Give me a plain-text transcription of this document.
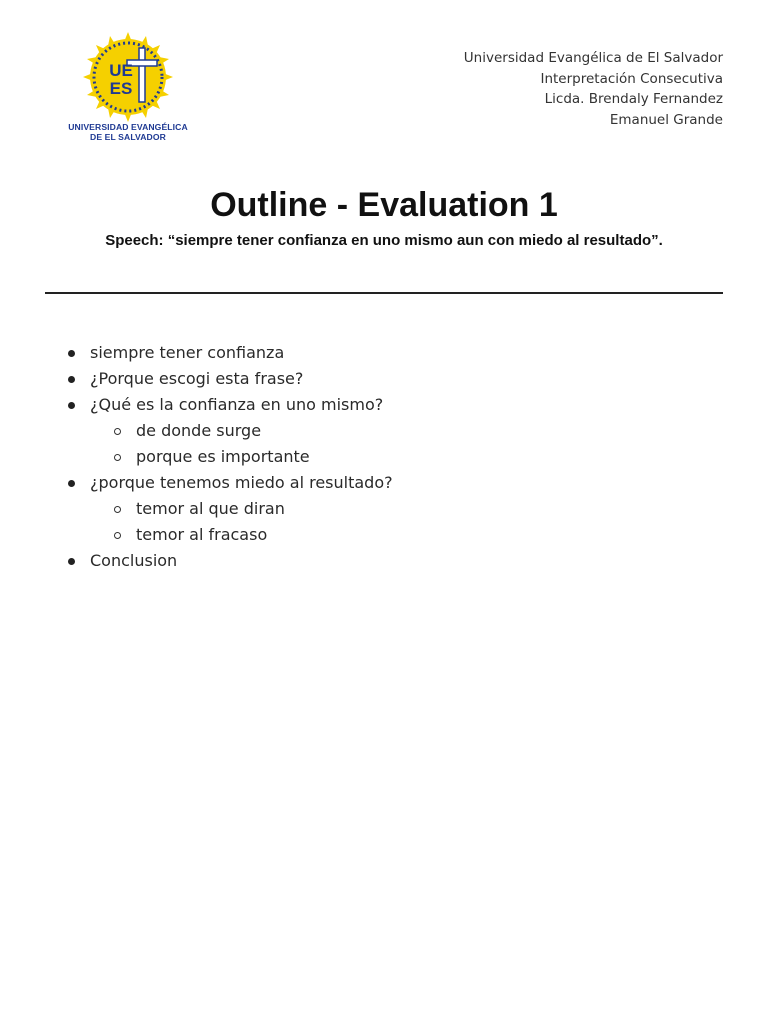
UE
ES
UNIVERSIDAD EVANGÉLICA
DE EL SALVADOR
Universidad Evangélica de El Salvador
Interpretación Consecutiva
Licda. Brendaly Fernandez
Emanuel Grande
Outline - Evaluation 1
Speech: “siempre tener confianza en uno mismo aun con miedo al resultado”.
siempre tener confianza
¿Porque escogi esta frase?
¿Qué es la confianza en uno mismo?
de donde surge
porque es importante
¿porque tenemos miedo al resultado?
temor al que diran
temor al fracaso
Conclusion
